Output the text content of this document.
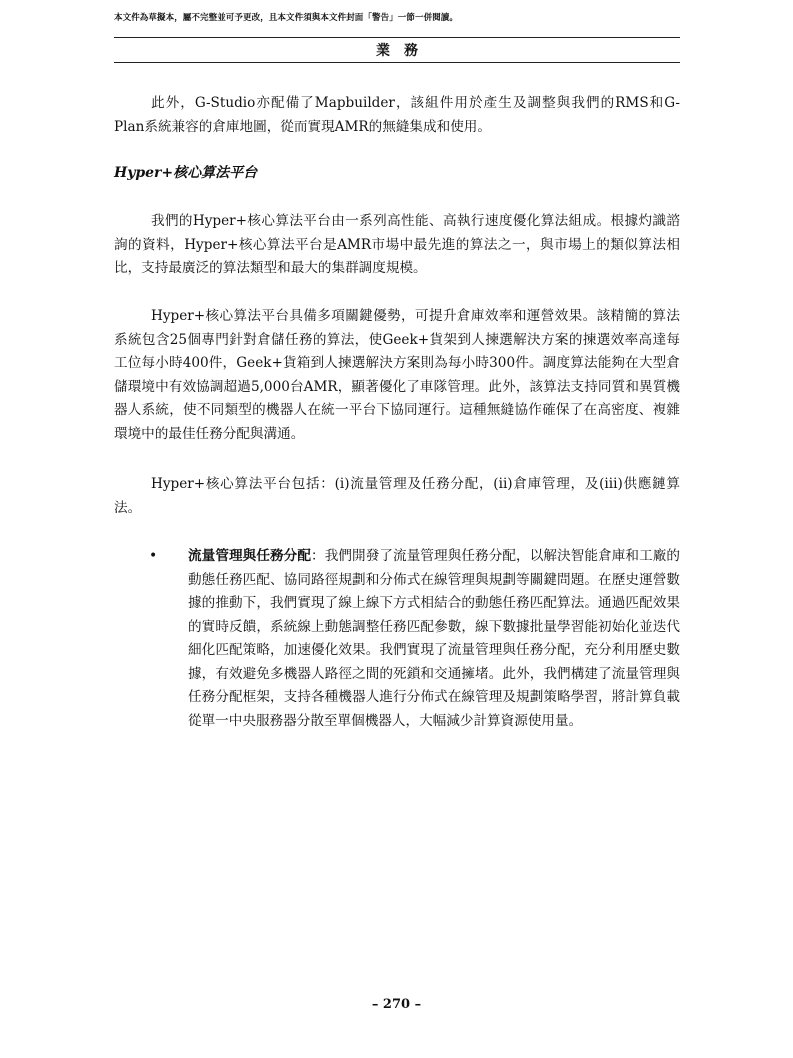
本文件為草擬本，屬不完整並可予更改，且本文件須與本文件封面「警告」一節一併閱讀。
業務

此外，G-Studio亦配備了Mapbuilder，該組件用於產生及調整與我們的RMS和G-Plan系統兼容的倉庫地圖，從而實現AMR的無縫集成和使用。

Hyper+核心算法平台

我們的Hyper+核心算法平台由一系列高性能、高執行速度優化算法組成。根據灼識諮詢的資料，Hyper+核心算法平台是AMR市場中最先進的算法之一，與市場上的類似算法相比，支持最廣泛的算法類型和最大的集群調度規模。

Hyper+核心算法平台具備多項關鍵優勢，可提升倉庫效率和運營效果。該精簡的算法系統包含25個專門針對倉儲任務的算法，使Geek+貨架到人揀選解決方案的揀選效率高達每工位每小時400件，Geek+貨箱到人揀選解決方案則為每小時300件。調度算法能夠在大型倉儲環境中有效協調超過5,000台AMR，顯著優化了車隊管理。此外，該算法支持同質和異質機器人系統，使不同類型的機器人在統一平台下協同運行。這種無縫協作確保了在高密度、複雜環境中的最佳任務分配與溝通。

Hyper+核心算法平台包括：(i)流量管理及任務分配，(ii)倉庫管理，及(iii)供應鏈算法。

• 流量管理與任務分配：我們開發了流量管理與任務分配，以解決智能倉庫和工廠的動態任務匹配、協同路徑規劃和分佈式在線管理與規劃等關鍵問題。在歷史運營數據的推動下，我們實現了線上線下方式相結合的動態任務匹配算法。通過匹配效果的實時反饋，系統線上動態調整任務匹配參數，線下數據批量學習能初始化並迭代細化匹配策略，加速優化效果。我們實現了流量管理與任務分配，充分利用歷史數據，有效避免多機器人路徑之間的死鎖和交通擁堵。此外，我們構建了流量管理與任務分配框架，支持各種機器人進行分佈式在線管理及規劃策略學習，將計算負載從單一中央服務器分散至單個機器人，大幅減少計算資源使用量。

– 270 –
